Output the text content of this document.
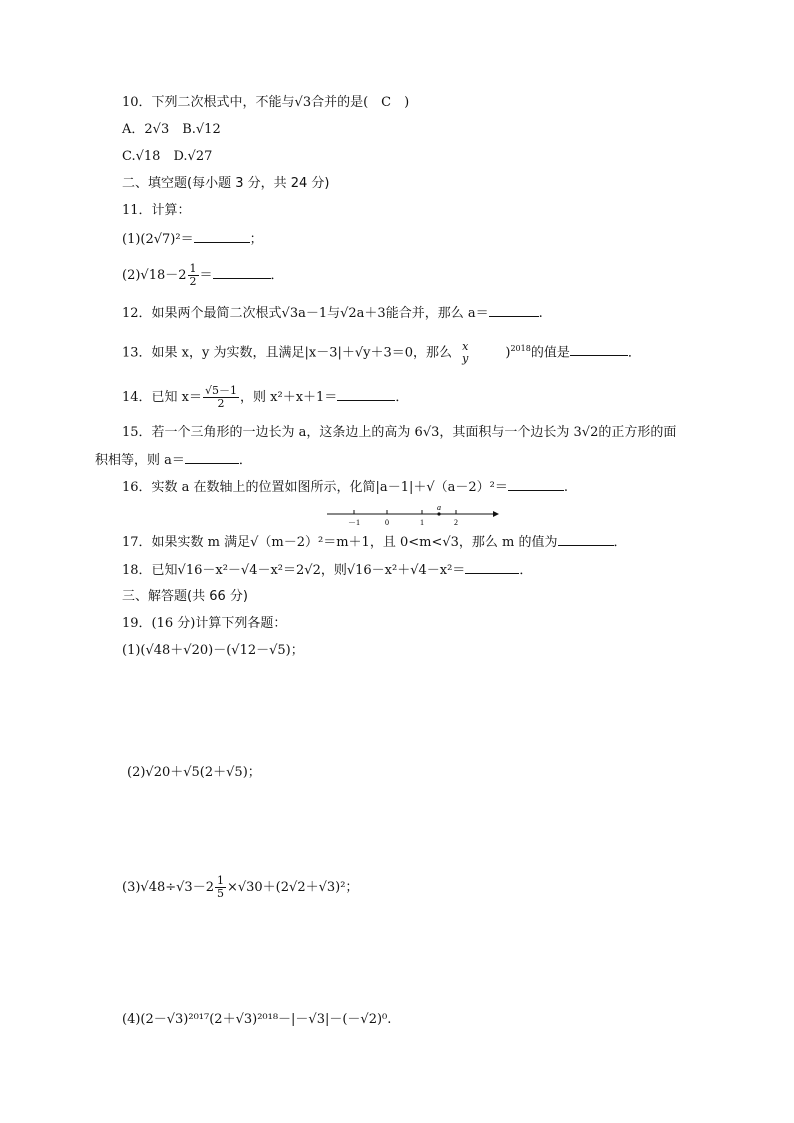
10．下列二次根式中，不能与√3合并的是(　C　)
A．2√3　B.√12
C.√18　D.√27
二、填空题(每小题 3 分，共 24 分)
11．计算：
(1)(2√7)²＝	；
$(2)√18-2 \frac{1}{2}$ ＝	．
12．如果两个最简二次根式√3a－1与√2a＋3能合并，那么 a＝	.
13．如果 x，y 为实数，且满足|x－3|＋√y＋3＝0，那么 x
y	)$^{2018}$的值是	．
14．已知 $x= \frac{√5-1}{2}$ ，则 x²＋x＋1＝	．
15．若一个三角形的一边长为 a，这条边上的高为 6√3，其面积与一个边长为 3√2的正方形的面
积相等，则 a＝	．
16．实数 a 在数轴上的位置如图所示，化简|a－1|＋√（a－2）²＝	.
a
－1	0	1	2
17．如果实数 m 满足√（m－2）²＝m＋1，且 0<m<√3，那么 m 的值为	．
18．已知√16－x²－√4－x²＝2√2，则√16－x²＋√4－x²＝	．
三、解答题(共 66 分)
19．(16 分)计算下列各题：
(1)(√48＋√20)－(√12－√5)；
(2)√20＋√5(2＋√5)；
$(3)√48\div√3-2 \frac{1}{5} \times√30+(2√2+√3)^2$；
(4)(2－√3)²⁰¹⁷(2＋√3)²⁰¹⁸－|－√3|－(－√2)⁰.
